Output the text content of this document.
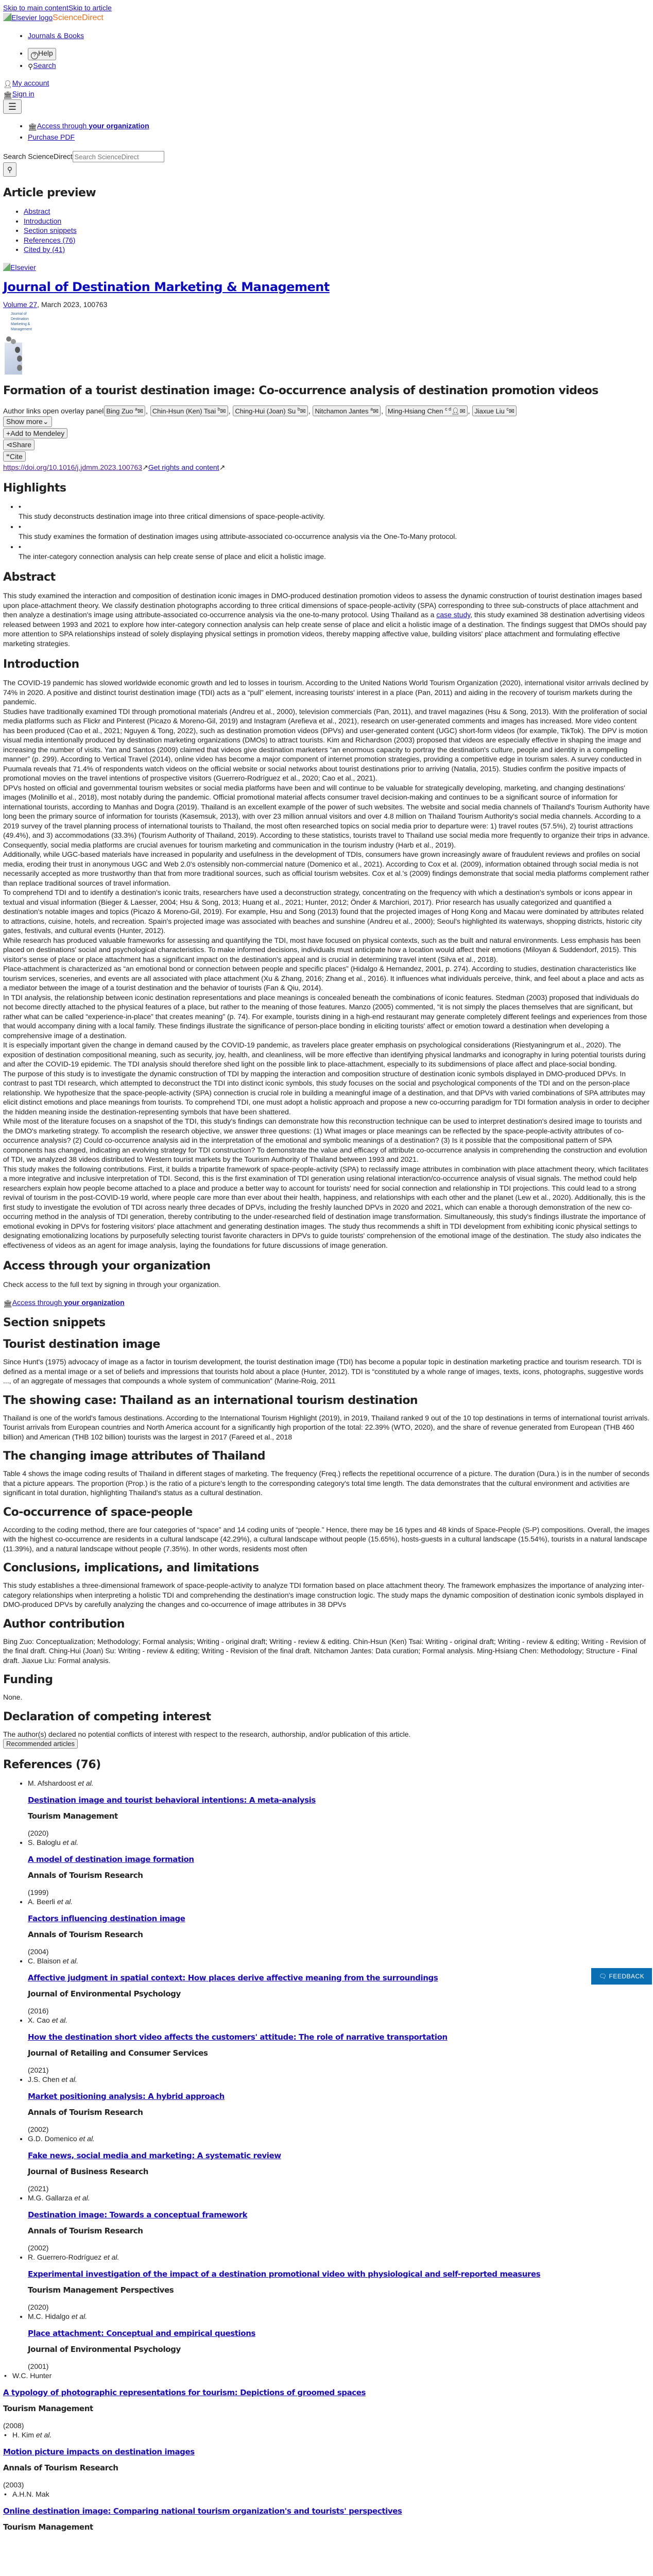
Skip to main contentSkip to article
Elsevier logoScienceDirect
• Journals & Books
• ? Help
• ⚲Search
👤︎My account
🏛︎Sign in
☰
• 🏛︎Access through your organization
• Purchase PDF
Search ScienceDirectSearch ScienceDirect
⚲
Article preview
• Abstract
• Introduction
• Section snippets
• References (76)
• Cited by (41)
Elsevier
Journal of Destination Marketing & Management
Volume 27, March 2023, 100763
Journal of Destination Marketing & Management
Formation of a tourist destination image: Co-occurrence analysis of destination promotion videos
Author links open overlay panel Bing Zuo $^a$✉ , Chin-Hsun (Ken) Tsai $^b$✉ , Ching-Hui (Joan) Su $^b$✉ , Nitchamon Jantes $^a$✉ , Ming-Hsiang Chen $^{c d}$👤︎✉ , Jiaxue Liu $^c$✉
Show more⌄
+Add to Mendeley
⊲Share
“Cite
https://doi.org/10.1016/j.jdmm.2023.100763↗Get rights and content↗
Highlights
• •
This study deconstructs destination image into three critical dimensions of space-people-activity.
• •
This study examines the formation of destination images using attribute-associated co-occurrence analysis via the One-To-Many protocol.
• •
The inter-category connection analysis can help create sense of place and elicit a holistic image.
Abstract

This study examined the interaction and composition of destination iconic images in DMO-produced destination promotion videos to assess the dynamic construction of tourist destination images based upon place-attachment theory. We classify destination photographs according to three critical dimensions of space-people-activity (SPA) corresponding to three sub-constructs of place attachment and then analyze a destination's image using attribute-associated co-occurrence analysis via the one-to-many protocol. Using Thailand as a case study, this study examined 38 destination advertising videos released between 1993 and 2021 to explore how inter-category connection analysis can help create sense of place and elicit a holistic image of a destination. The findings suggest that DMOs should pay more attention to SPA relationships instead of solely displaying physical settings in promotion videos, thereby mapping affective value, building visitors' place attachment and formulating effective marketing strategies.

Introduction

The COVID-19 pandemic has slowed worldwide economic growth and led to losses in tourism. According to the United Nations World Tourism Organization (2020), international visitor arrivals declined by 74% in 2020. A positive and distinct tourist destination image (TDI) acts as a “pull” element, increasing tourists' interest in a place (Pan, 2011) and aiding in the recovery of tourism markets during the pandemic.

Studies have traditionally examined TDI through promotional materials (Andreu et al., 2000), television commercials (Pan, 2011), and travel magazines (Hsu & Song, 2013). With the proliferation of social media platforms such as Flickr and Pinterest (Picazo & Moreno-Gil, 2019) and Instagram (Arefieva et al., 2021), research on user-generated comments and images has increased. More video content has been produced (Cao et al., 2021; Nguyen & Tong, 2022), such as destination promotion videos (DPVs) and user-generated content (UGC) short-form videos (for example, TikTok). The DPV is motion visual media intentionally produced by destination marketing organizations (DMOs) to attract tourists. Kim and Richardson (2003) proposed that videos are especially effective in shaping the image and increasing the number of visits. Yan and Santos (2009) claimed that videos give destination marketers “an enormous capacity to portray the destination's culture, people and identity in a compelling manner” (p. 299). According to Vertical Travel (2014), online video has become a major component of internet promotion strategies, providing a competitive edge in tourism sales. A survey conducted in Puumala reveals that 71.4% of respondents watch videos on the official website or social networks about tourist destinations prior to arriving (Natalia, 2015). Studies confirm the positive impacts of promotional movies on the travel intentions of prospective visitors (Guerrero-Rodríguez et al., 2020; Cao et al., 2021).

DPVs hosted on official and governmental tourism websites or social media platforms have been and will continue to be valuable for strategically developing, marketing, and changing destinations' images (Molinillo et al., 2018), most notably during the pandemic. Official promotional material affects consumer travel decision-making and continues to be a significant source of information for international tourists, according to Manhas and Dogra (2019). Thailand is an excellent example of the power of such websites. The website and social media channels of Thailand's Tourism Authority have long been the primary source of information for tourists (Kasemsuk, 2013), with over 23 million annual visitors and over 4.8 million on Thailand Tourism Authority's social media channels. According to a 2019 survey of the travel planning process of international tourists to Thailand, the most often researched topics on social media prior to departure were: 1) travel routes (57.5%), 2) tourist attractions (49.4%), and 3) accommodations (33.3%) (Tourism Authority of Thailand, 2019). According to these statistics, tourists travel to Thailand use social media more frequently to organize their trips in advance. Consequently, social media platforms are crucial avenues for tourism marketing and communication in the tourism industry (Harb et al., 2019).

Additionally, while UGC-based materials have increased in popularity and usefulness in the development of TDIs, consumers have grown increasingly aware of fraudulent reviews and profiles on social media, eroding their trust in anonymous UGC and Web 2.0's ostensibly non-commercial nature (Domenico et al., 2021). According to Cox et al. (2009), information obtained through social media is not necessarily accepted as more trustworthy than that from more traditional sources, such as official tourism websites. Cox et al.'s (2009) findings demonstrate that social media platforms complement rather than replace traditional sources of travel information.

To comprehend TDI and to identify a destination's iconic traits, researchers have used a deconstruction strategy, concentrating on the frequency with which a destination's symbols or icons appear in textual and visual information (Bieger & Laesser, 2004; Hsu & Song, 2013; Huang et al., 2021; Hunter, 2012; Önder & Marchiori, 2017). Prior research has usually categorized and quantified a destination's notable images and topics (Picazo & Moreno-Gil, 2019). For example, Hsu and Song (2013) found that the projected images of Hong Kong and Macau were dominated by attributes related to attractions, cuisine, hotels, and recreation. Spain's projected image was associated with beaches and sunshine (Andreu et al., 2000); Seoul's highlighted its waterways, shopping districts, historic city gates, festivals, and cultural events (Hunter, 2012).

While research has produced valuable frameworks for assessing and quantifying the TDI, most have focused on physical contexts, such as the built and natural environments. Less emphasis has been placed on destinations' social and psychological characteristics. To make informed decisions, individuals must anticipate how a location would affect their emotions (Miloyan & Suddendorf, 2015). This visitor's sense of place or place attachment has a significant impact on the destination's appeal and is crucial in determining travel intent (Silva et al., 2018).

Place-attachment is characterized as “an emotional bond or connection between people and specific places” (Hidalgo & Hernandez, 2001, p. 274). According to studies, destination characteristics like tourism services, sceneries, and events are all associated with place attachment (Xu & Zhang, 2016; Zhang et al., 2016). It influences what individuals perceive, think, and feel about a place and acts as a mediator between the image of a tourist destination and the behavior of tourists (Fan & Qiu, 2014).

In TDI analysis, the relationship between iconic destination representations and place meanings is concealed beneath the combinations of iconic features. Stedman (2003) proposed that individuals do not become directly attached to the physical features of a place, but rather to the meaning of those features. Manzo (2005) commented, “it is not simply the places themselves that are significant, but rather what can be called “experience-in-place” that creates meaning” (p. 74). For example, tourists dining in a high-end restaurant may generate completely different feelings and experiences from those that would accompany dining with a local family. These findings illustrate the significance of person-place bonding in eliciting tourists' affect or emotion toward a destination when developing a comprehensive image of a destination.

It is especially important given the change in demand caused by the COVID-19 pandemic, as travelers place greater emphasis on psychological considerations (Riestyaningrum et al., 2020). The exposition of destination compositional meaning, such as security, joy, health, and cleanliness, will be more effective than identifying physical landmarks and iconography in luring potential tourists during and after the COVID-19 epidemic. The TDI analysis should therefore shed light on the possible link to place-attachment, especially to its subdimensions of place affect and place-social bonding.

The purpose of this study is to investigate the dynamic construction of TDI by mapping the interaction and composition structure of destination iconic symbols displayed in DMO-produced DPVs. In contrast to past TDI research, which attempted to deconstruct the TDI into distinct iconic symbols, this study focuses on the social and psychological components of the TDI and on the person-place relationship. We hypothesize that the space-people-activity (SPA) connection is crucial role in building a meaningful image of a destination, and that DPVs with varied combinations of SPA attributes may elicit distinct emotions and place meanings from tourists. To comprehend TDI, one must adopt a holistic approach and propose a new co-occurring paradigm for TDI formation analysis in order to decipher the hidden meaning inside the destination-representing symbols that have been shattered.

While most of the literature focuses on a snapshot of the TDI, this study's findings can demonstrate how this reconstruction technique can be used to interpret destination's desired image to tourists and the DMO's marketing strategy. To accomplish the research objective, we answer three questions: (1) What images or place meanings can be reflected by the space-people-activity attributes of co-occurrence analysis? (2) Could co-occurrence analysis aid in the interpretation of the emotional and symbolic meanings of a destination? (3) Is it possible that the compositional pattern of SPA components has changed, indicating an evolving strategy for TDI construction? To demonstrate the value and efficacy of attribute co-occurrence analysis in comprehending the construction and evolution of TDI, we analyzed 38 videos distributed to Western tourist markets by the Tourism Authority of Thailand between 1993 and 2021.

This study makes the following contributions. First, it builds a tripartite framework of space-people-activity (SPA) to reclassify image attributes in combination with place attachment theory, which facilitates a more integrative and inclusive interpretation of TDI. Second, this is the first examination of TDI generation using relational interaction/co-occurrence analysis of visual signals. The method could help researchers explain how people become attached to a place and produce a better way to account for tourists' need for social connection and relationship in TDI projections. This could lead to a strong revival of tourism in the post-COVID-19 world, where people care more than ever about their health, happiness, and relationships with each other and the planet (Lew et al., 2020). Additionally, this is the first study to investigate the evolution of TDI across nearly three decades of DPVs, including the freshly launched DPVs in 2020 and 2021, which can enable a thorough demonstration of the new co-occurring method in the analysis of TDI generation, thereby contributing to the under-researched field of destination image transformation. Simultaneously, this study's findings illustrate the importance of emotional evoking in DPVs for fostering visitors' place attachment and generating destination images. The study thus recommends a shift in TDI development from exhibiting iconic physical settings to designating emotionalizing locations by purposefully selecting tourist favorite characters in DPVs to guide tourists' comprehension of the emotional image of the destination. The study also indicates the effectiveness of videos as an agent for image analysis, laying the foundations for future discussions of image generation.

Access through your organization

Check access to the full text by signing in through your organization.

🏛︎Access through your organization
Section snippets
Tourist destination image

Since Hunt's (1975) advocacy of image as a factor in tourism development, the tourist destination image (TDI) has become a popular topic in destination marketing practice and tourism research. TDI is defined as a mental image or a set of beliefs and impressions that tourists hold about a place (Hunter, 2012). TDI is “constituted by a whole range of images, texts, icons, photographs, suggestive words ..., of an aggregate of messages that compounds a whole system of communication” (Marine-Roig, 2011

The showing case: Thailand as an international tourism destination

Thailand is one of the world's famous destinations. According to the International Tourism Highlight (2019), in 2019, Thailand ranked 9 out of the 10 top destinations in terms of international tourist arrivals. Tourist arrivals from European countries and North America account for a significantly high proportion of the total: 22.39% (WTO, 2020), and the share of revenue generated from European (THB 460 billion) and American (THB 102 billion) tourists was the largest in 2017 (Fareed et al., 2018

The changing image attributes of Thailand

Table 4 shows the image coding results of Thailand in different stages of marketing. The frequency (Freq.) reflects the repetitional occurrence of a picture. The duration (Dura.) is in the number of seconds that a picture appears. The proportion (Prop.) is the ratio of a picture's length to the corresponding category's total time length. The data demonstrates that the cultural environment and activities are significant in total duration, highlighting Thailand's status as a cultural destination.

Co-occurrence of space-people

According to the coding method, there are four categories of “space” and 14 coding units of “people.” Hence, there may be 16 types and 48 kinds of Space-People (S-P) compositions. Overall, the images with the highest co-occurrence are residents in a cultural landscape (42.29%), a cultural landscape without people (15.65%), hosts-guests in a cultural landscape (15.54%), tourists in a natural landscape (11.39%), and a natural landscape without people (7.35%). In other words, residents most often

Conclusions, implications, and limitations

This study establishes a three-dimensional framework of space-people-activity to analyze TDI formation based on place attachment theory. The framework emphasizes the importance of analyzing inter-category relationships when interpreting a holistic TDI and comprehending the destination's image construction logic. The study maps the dynamic composition of destination iconic symbols displayed in DMO-produced DPVs by carefully analyzing the changes and co-occurrence of image attributes in 38 DPVs

Author contribution

Bing Zuo: Conceptualization; Methodology; Formal analysis; Writing - original draft; Writing - review & editing. Chin-Hsun (Ken) Tsai: Writing - original draft; Writing - review & editing; Writing - Revision of the final draft. Ching-Hui (Joan) Su: Writing - review & editing; Writing - Revision of the final draft. Nitchamon Jantes: Data curation; Formal analysis. Ming-Hsiang Chen: Methodology; Structure - Final draft. Jiaxue Liu: Formal analysis.

Funding

None.

Declaration of competing interest

The author(s) declared no potential conflicts of interest with respect to the research, authorship, and/or publication of this article.

Recommended articles
References (76)
• M. Afshardoost et al.
Destination image and tourist behavioral intentions: A meta-analysis
Tourism Management
(2020)
• S. Baloglu et al.
A model of destination image formation
Annals of Tourism Research
(1999)
• A. Beerli et al.
Factors influencing destination image
Annals of Tourism Research
(2004)
• C. Blaison et al.
Affective judgment in spatial context: How places derive affective meaning from the surroundings
Journal of Environmental Psychology
(2016)
• X. Cao et al.
How the destination short video affects the customers' attitude: The role of narrative transportation
Journal of Retailing and Consumer Services
(2021)
• J.S. Chen et al.
Market positioning analysis: A hybrid approach
Annals of Tourism Research
(2002)
• G.D. Domenico et al.
Fake news, social media and marketing: A systematic review
Journal of Business Research
(2021)
• M.G. Gallarza et al.
Destination image: Towards a conceptual framework
Annals of Tourism Research
(2002)
• R. Guerrero-Rodríguez et al.
Experimental investigation of the impact of a destination promotional video with physiological and self-reported measures
Tourism Management Perspectives
(2020)
• M.C. Hidalgo et al.
Place attachment: Conceptual and empirical questions
Journal of Environmental Psychology
(2001)
• W.C. Hunter
A typology of photographic representations for tourism: Depictions of groomed spaces
Tourism Management
(2008)
• H. Kim et al.
Motion picture impacts on destination images
Annals of Tourism Research
(2003)
• A.H.N. Mak
Online destination image: Comparing national tourism organization's and tourists' perspectives
Tourism Management
🗨︎ FEEDBACK
